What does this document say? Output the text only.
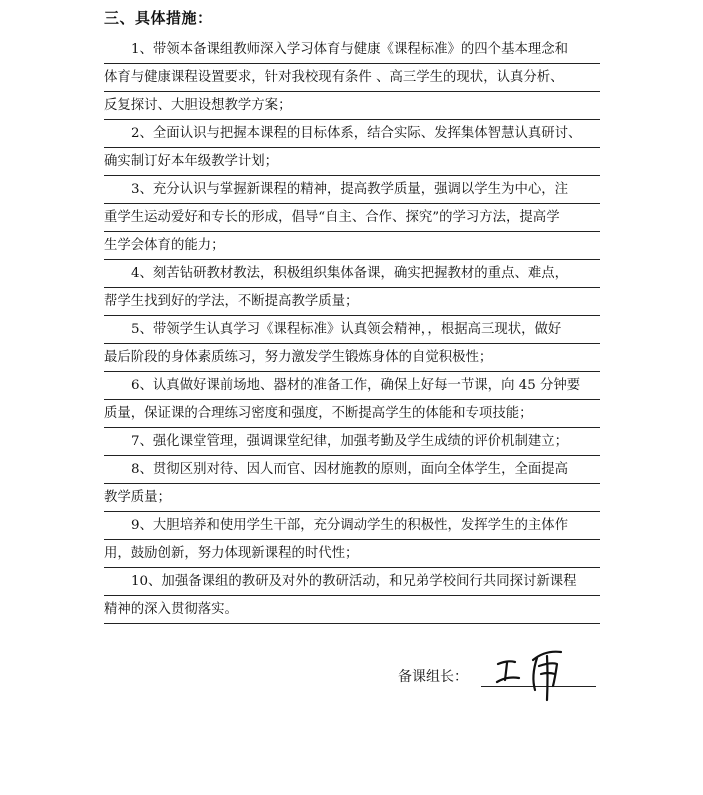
三、具体措施：
1、带领本备课组教师深入学习体育与健康《课程标准》的四个基本理念和
体育与健康课程设置要求，针对我校现有条件 、高三学生的现状，认真分析、
反复探讨、大胆设想教学方案；
2、全面认识与把握本课程的目标体系，结合实际、发挥集体智慧认真研讨、
确实制订好本年级教学计划；
3、充分认识与掌握新课程的精神，提高教学质量，强调以学生为中心，注
重学生运动爱好和专长的形成，倡导“自主、合作、探究”的学习方法，提高学
生学会体育的能力；
4、刻苦钻研教材教法，积极组织集体备课，确实把握教材的重点、难点，
帮学生找到好的学法，不断提高教学质量；
5、带领学生认真学习《课程标准》认真领会精神，，根据高三现状，做好
最后阶段的身体素质练习，努力激发学生锻炼身体的自觉积极性；
6、认真做好课前场地、器材的准备工作，确保上好每一节课，向 45 分钟要
质量，保证课的合理练习密度和强度，不断提高学生的体能和专项技能；
7、强化课堂管理，强调课堂纪律，加强考勤及学生成绩的评价机制建立；
8、贯彻区别对待、因人而官、因材施教的原则，面向全体学生，全面提高
教学质量；
9、大胆培养和使用学生干部，充分调动学生的积极性，发挥学生的主体作
用，鼓励创新，努力体现新课程的时代性；
10、加强备课组的教研及对外的教研活动，和兄弟学校间行共同探讨新课程
精神的深入贯彻落实。
备课组长：
